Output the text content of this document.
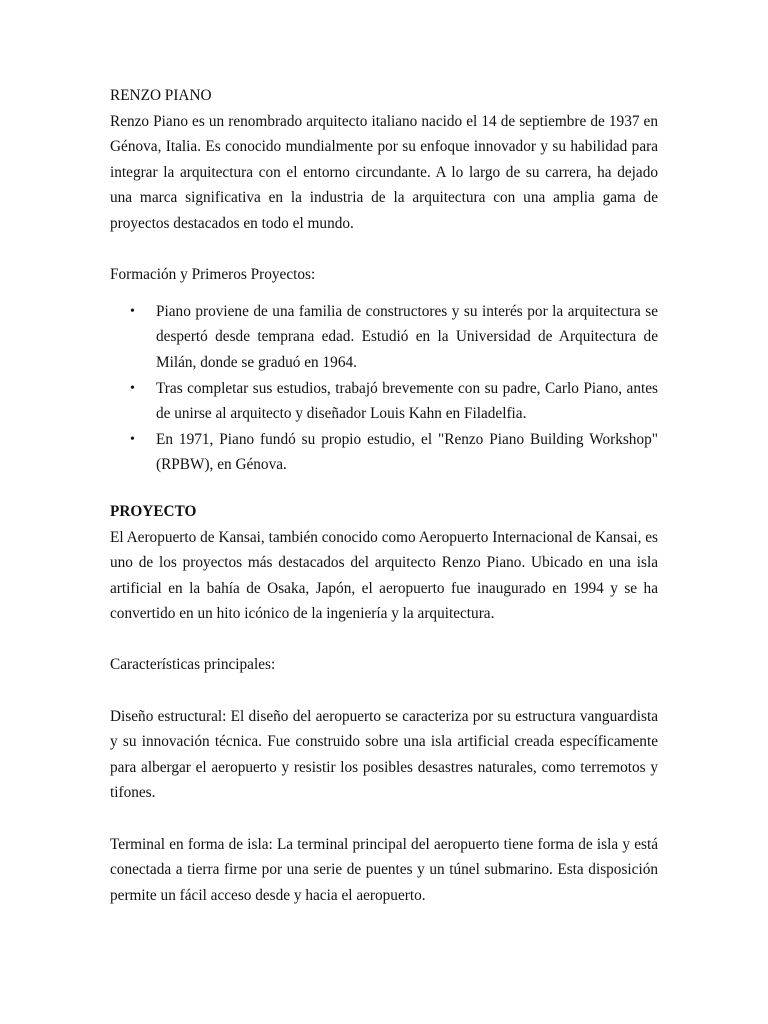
RENZO PIANO

Renzo Piano es un renombrado arquitecto italiano nacido el 14 de septiembre de 1937 en Génova, Italia. Es conocido mundialmente por su enfoque innovador y su habilidad para integrar la arquitectura con el entorno circundante. A lo largo de su carrera, ha dejado una marca significativa en la industria de la arquitectura con una amplia gama de proyectos destacados en todo el mundo.

Formación y Primeros Proyectos:

• Piano proviene de una familia de constructores y su interés por la arquitectura se despertó desde temprana edad. Estudió en la Universidad de Arquitectura de Milán, donde se graduó en 1964.
• Tras completar sus estudios, trabajó brevemente con su padre, Carlo Piano, antes de unirse al arquitecto y diseñador Louis Kahn en Filadelfia.
• En 1971, Piano fundó su propio estudio, el "Renzo Piano Building Workshop" (RPBW), en Génova.

PROYECTO

El Aeropuerto de Kansai, también conocido como Aeropuerto Internacional de Kansai, es uno de los proyectos más destacados del arquitecto Renzo Piano. Ubicado en una isla artificial en la bahía de Osaka, Japón, el aeropuerto fue inaugurado en 1994 y se ha convertido en un hito icónico de la ingeniería y la arquitectura.

Características principales:

Diseño estructural: El diseño del aeropuerto se caracteriza por su estructura vanguardista y su innovación técnica. Fue construido sobre una isla artificial creada específicamente para albergar el aeropuerto y resistir los posibles desastres naturales, como terremotos y tifones.

Terminal en forma de isla: La terminal principal del aeropuerto tiene forma de isla y está conectada a tierra firme por una serie de puentes y un túnel submarino. Esta disposición permite un fácil acceso desde y hacia el aeropuerto.
